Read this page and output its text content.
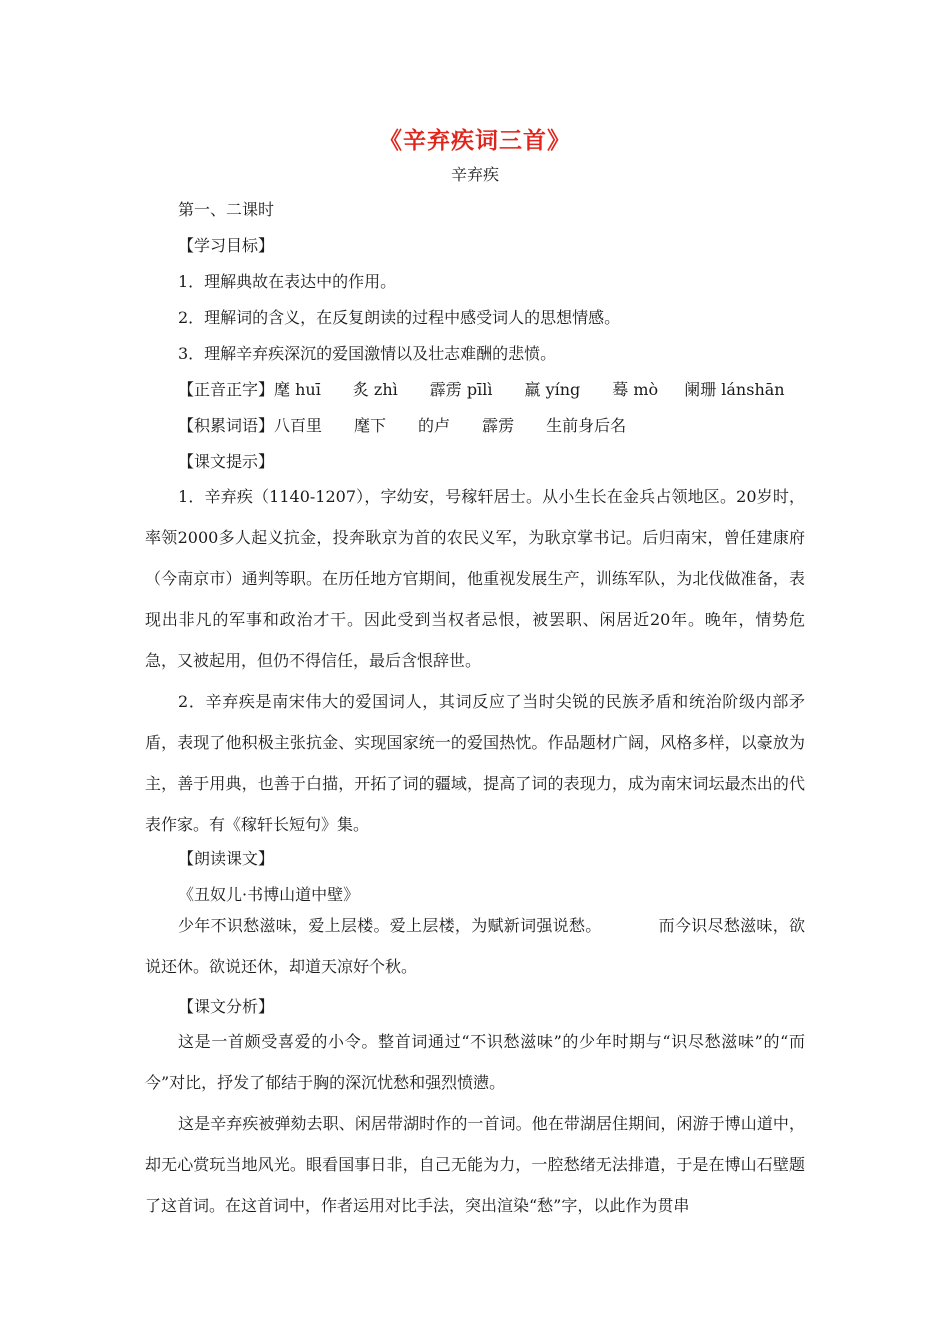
《辛弃疾词三首》
辛弃疾
第一、二课时
【学习目标】
1．理解典故在表达中的作用。
2．理解词的含义，在反复朗读的过程中感受词人的思想情感。
3．理解辛弃疾深沉的爱国激情以及壮志难酬的悲愤。
【正音正字】麾 huī 炙 zhì 霹雳 pīlì 羸 yíng 蓦 mò 阑珊 lánshān
【积累词语】八百里 麾下 的卢 霹雳 生前身后名
【课文提示】
1．辛弃疾（1140-1207），字幼安，号稼轩居士。从小生长在金兵占领地区。20岁时，率领2000多人起义抗金，投奔耿京为首的农民义军，为耿京掌书记。后归南宋，曾任建康府（今南京市）通判等职。在历任地方官期间，他重视发展生产，训练军队，为北伐做准备，表现出非凡的军事和政治才干。因此受到当权者忌恨，被罢职、闲居近20年。晚年，情势危急，又被起用，但仍不得信任，最后含恨辞世。
2．辛弃疾是南宋伟大的爱国词人，其词反应了当时尖锐的民族矛盾和统治阶级内部矛盾，表现了他积极主张抗金、实现国家统一的爱国热忱。作品题材广阔，风格多样，以豪放为主，善于用典，也善于白描，开拓了词的疆域，提高了词的表现力，成为南宋词坛最杰出的代表作家。有《稼轩长短句》集。
【朗读课文】
《丑奴儿·书博山道中壁》
少年不识愁滋味，爱上层楼。爱上层楼，为赋新词强说愁。　　　　而今识尽愁滋味，欲说还休。欲说还休，却道天凉好个秋。
【课文分析】
这是一首颇受喜爱的小令。整首词通过“不识愁滋味”的少年时期与“识尽愁滋味”的“而今”对比，抒发了郁结于胸的深沉忧愁和强烈愤懑。
这是辛弃疾被弹劾去职、闲居带湖时作的一首词。他在带湖居住期间，闲游于博山道中，却无心赏玩当地风光。眼看国事日非，自己无能为力，一腔愁绪无法排遣，于是在博山石壁题了这首词。在这首词中，作者运用对比手法，突出渲染“愁”字，以此作为贯串
